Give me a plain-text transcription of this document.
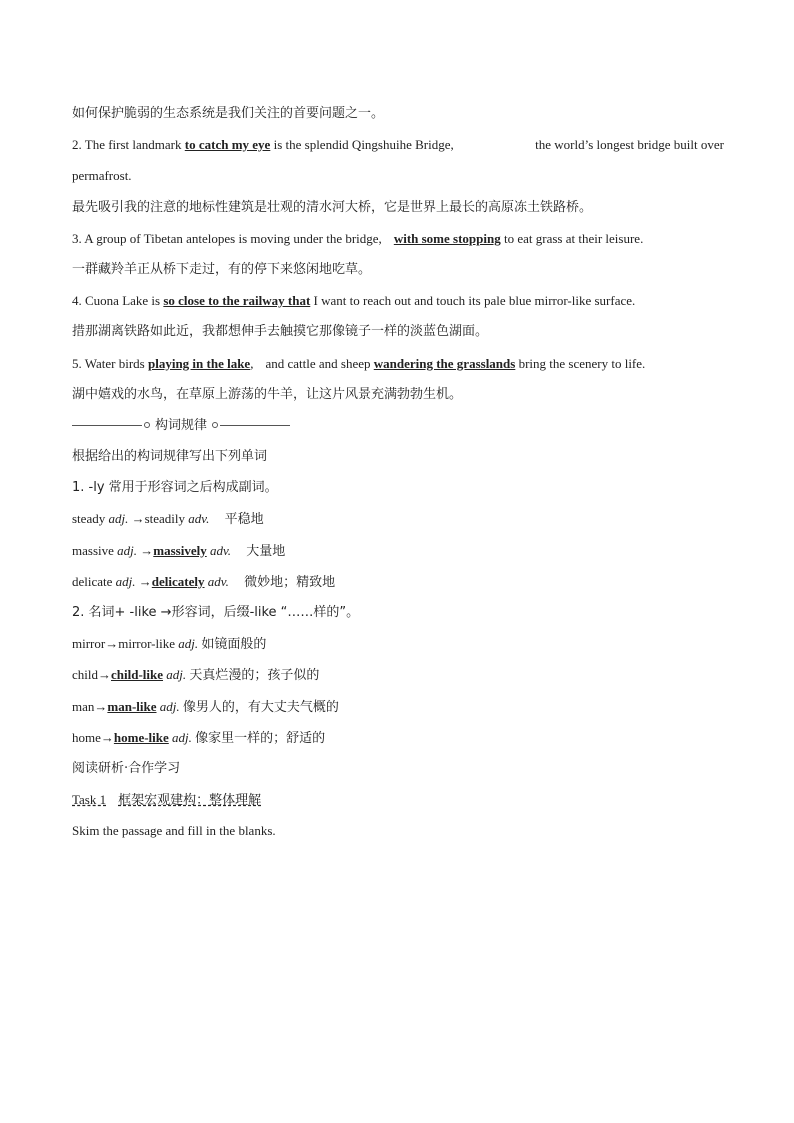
如何保护脆弱的生态系统是我们关注的首要问题之一。
2. The first landmark to catch my eye is the splendid Qingshuihe Bridge,	the world’s longest bridge built over
permafrost.
最先吸引我的注意的地标性建筑是壮观的清水河大桥，它是世界上最长的高原冻土铁路桥。
3. A group of Tibetan antelopes is moving under the bridge, with some stopping to eat grass at their leisure.
一群藏羚羊正从桥下走过，有的停下来悠闲地吃草。
4. Cuona Lake is so close to the railway that I want to reach out and touch its pale blue mirror-like surface.
措那湖离铁路如此近，我都想伸手去触摸它那像镜子一样的淡蓝色湖面。
5. Water birds playing in the lake, and cattle and sheep wandering the grasslands bring the scenery to life.
湖中嬉戏的水鸟，在草原上游荡的牛羊，让这片风景充满勃勃生机。
构词规律
根据给出的构词规律写出下列单词
1. -ly 常用于形容词之后构成副词。
steady adj. →steadily adv. 平稳地
massive adj. →massively adv. 大量地
delicate adj. →delicately adv. 微妙地；精致地
2. 名词+ -like →形容词，后缀-like “……样的”。
mirror→mirror-like adj. 如镜面般的
child→child-like adj. 天真烂漫的；孩子似的
man→man-like adj. 像男人的，有大丈夫气概的
home→home-like adj. 像家里一样的；舒适的
阅读研析·合作学习
Task 1 框架宏观建构：整体理解
Skim the passage and fill in the blanks.
